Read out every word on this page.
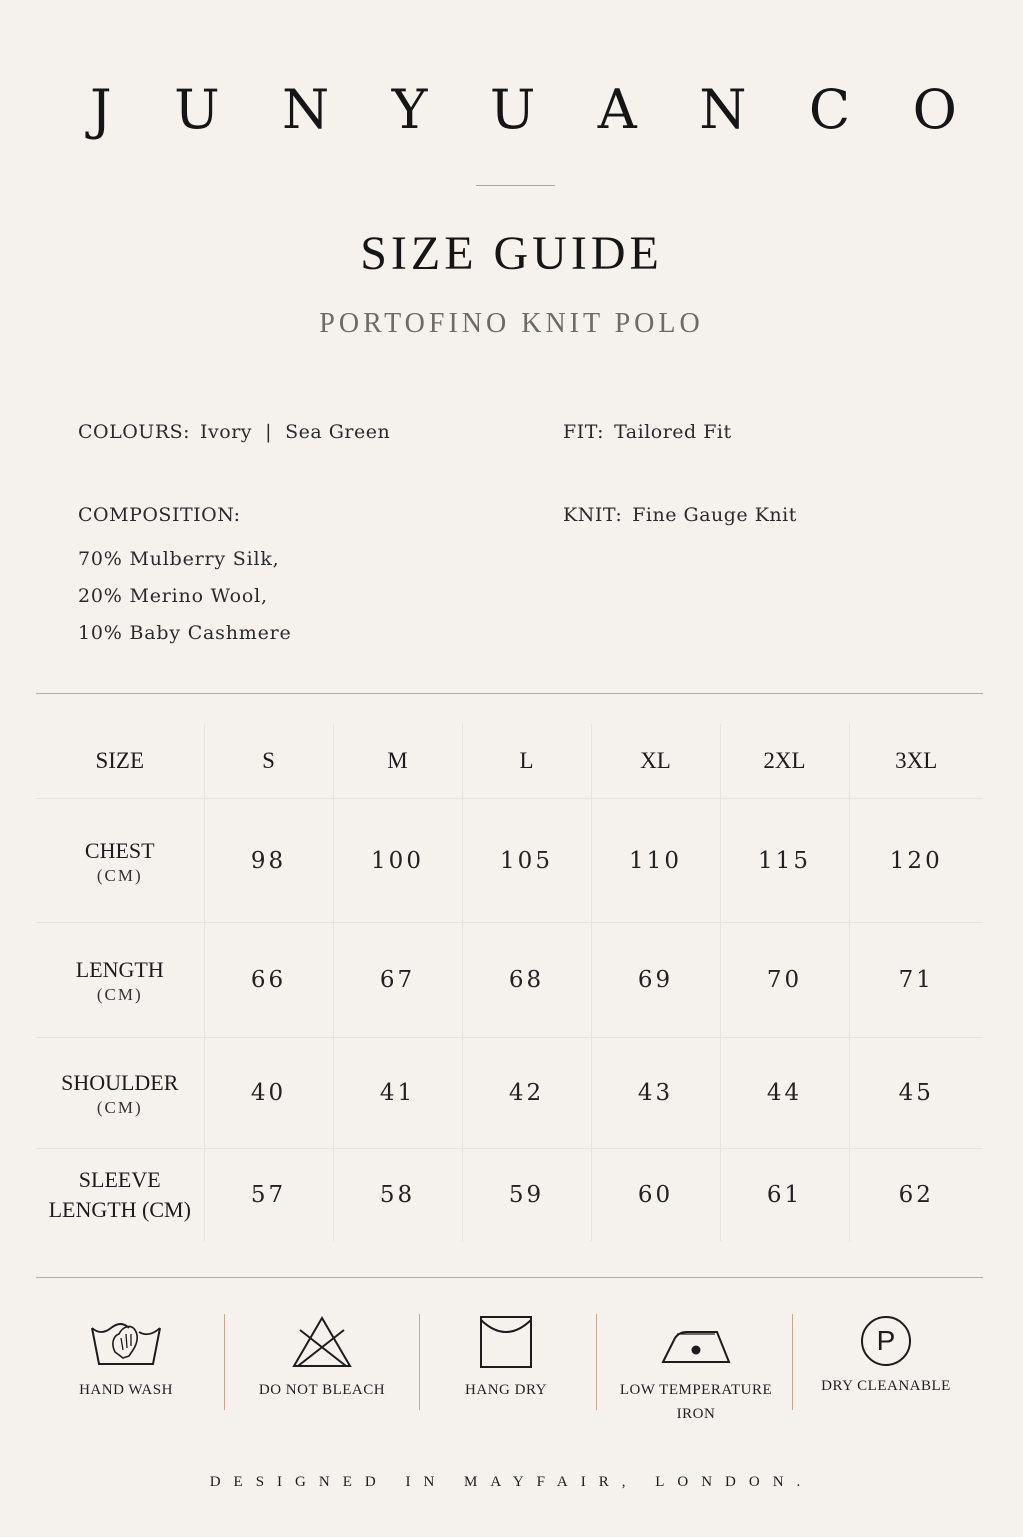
J U N Y U A N C O
SIZE GUIDE
PORTOFINO KNIT POLO
COLOURS: Ivory  |  Sea Green	FIT: Tailored Fit
COMPOSITION:
70% Mulberry Silk,
20% Merino Wool,
10% Baby Cashmere
KNIT: Fine Gauge Knit
SIZE	S	M	L	XL	2XL	3XL

CHEST
(CM)	98	100	105	110	115	120

LENGTH
(CM)	66	67	68	69	70	71

SHOULDER
(CM)	40	41	42	43	44	45

SLEEVE
LENGTH (CM)	57	58	59	60	61	62
HAND WASH	DO NOT BLEACH	HANG DRY	LOW TEMPERATURE
IRON
P
DRY CLEANABLE
DESIGNED IN MAYFAIR, LONDON.
